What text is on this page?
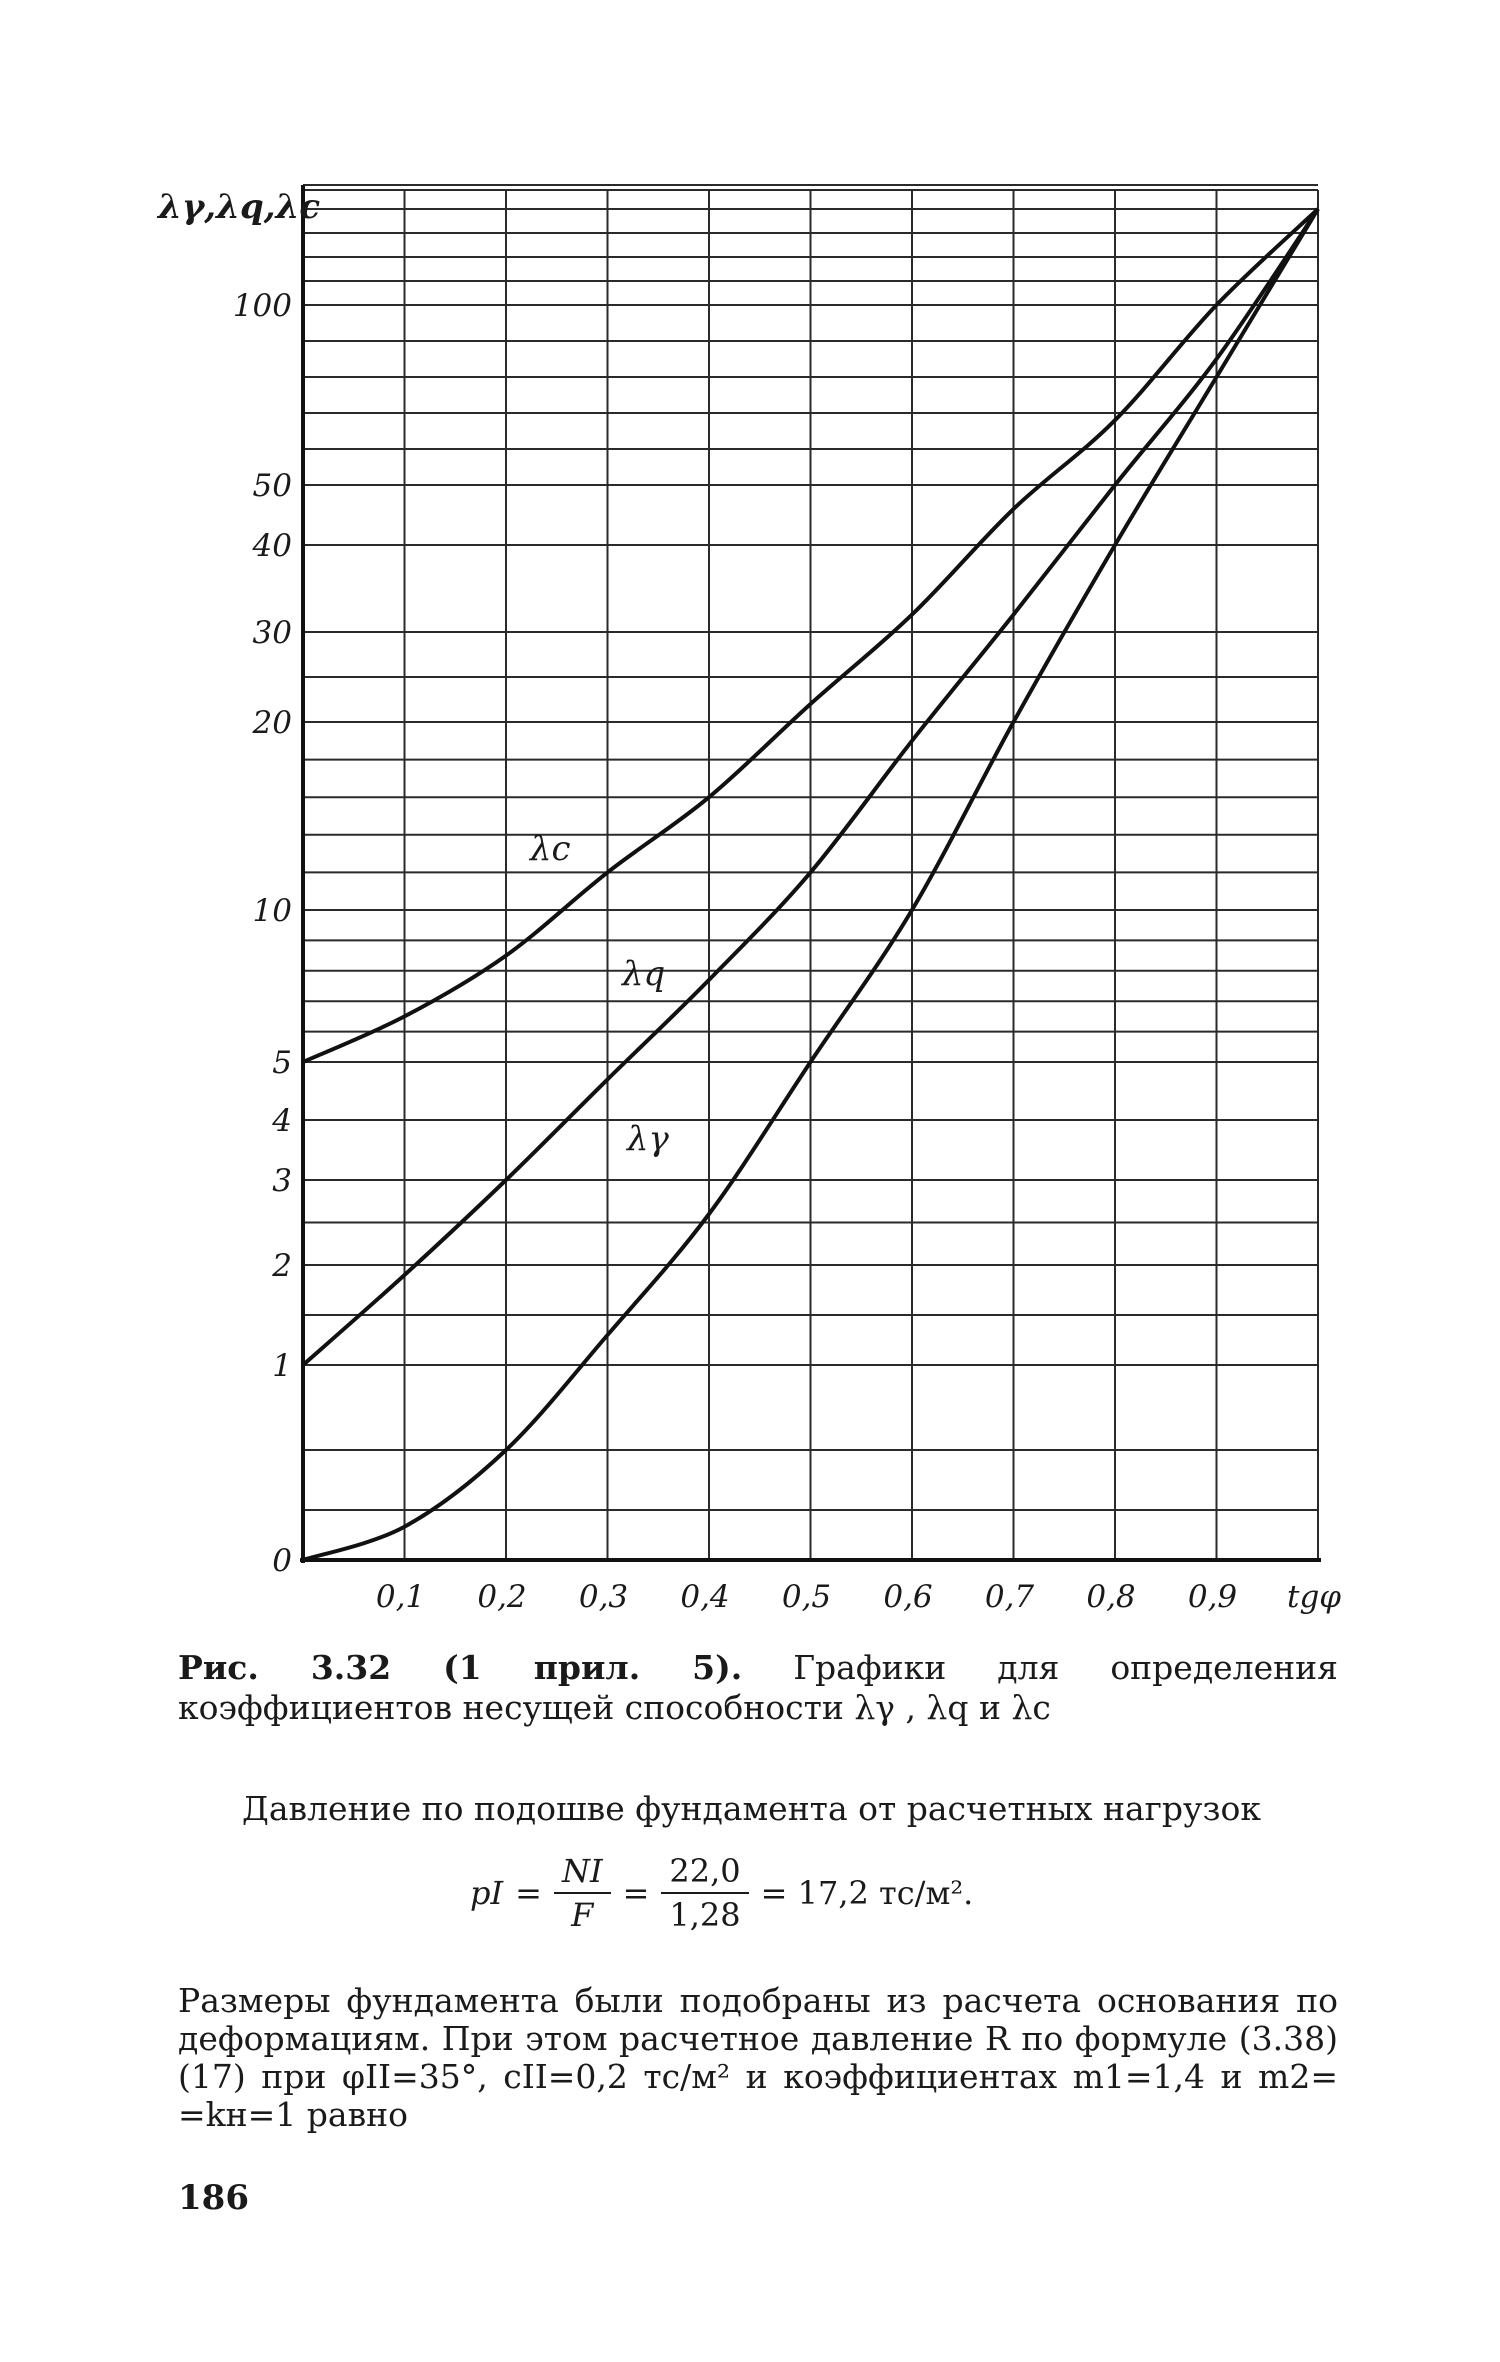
0
1
2
3
4
5
10
20
30
40
50
100
0,1 0,2 0,3 0,4 0,5 0,6 0,7 0,8 0,9 tgφ
λγ,λq,λc
λc
λq
λγ
Рис. 3.32 (1 прил. 5). Графики для определения коэффициентов несущей способности λγ , λq и λc
Давление по подошве фундамента от расчетных нагрузок
pI = $\frac{NI}{F} = \frac{22,0}{1,28} = 17,2$ тс/м².
Размеры фундамента были подобраны из расчета основания по деформациям. При этом расчетное давление R по формуле (3.38) (17) при φII=35°, cII=0,2 тс/м² и коэффициентах m1=1,4 и m2= =kн=1 равно
186
